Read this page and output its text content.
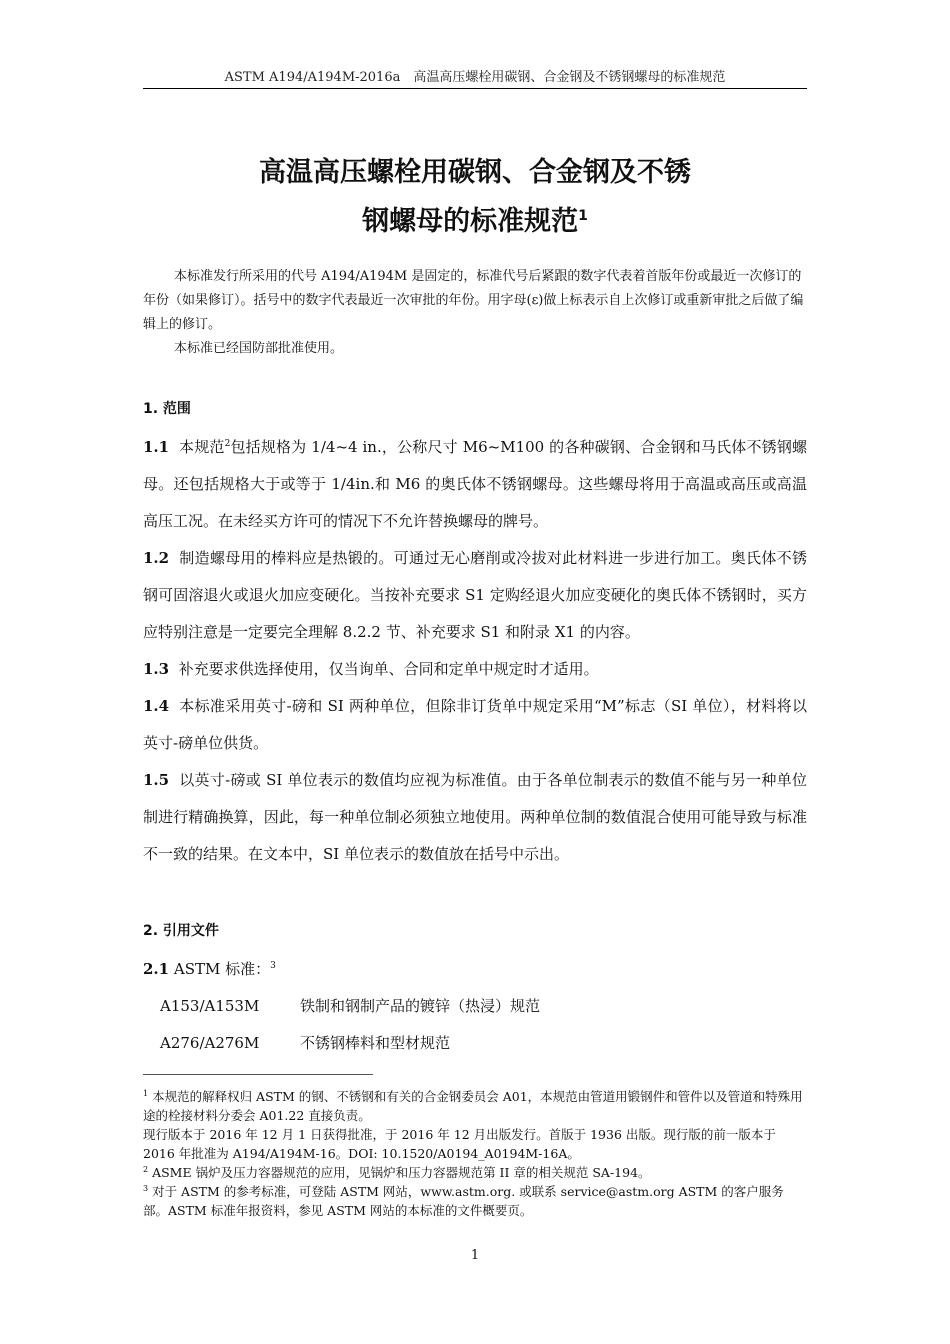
ASTM A194/A194M-2016a　高温高压螺栓用碳钢、合金钢及不锈钢螺母的标准规范
高温高压螺栓用碳钢、合金钢及不锈
钢螺母的标准规范$^1$

本标准发行所采用的代号 A194/A194M 是固定的，标准代号后紧跟的数字代表着首版年份或最近一次修订的年份（如果修订）。括号中的数字代表最近一次审批的年份。用字母(ε)做上标表示自上次修订或重新审批之后做了编辑上的修订。

本标准已经国防部批准使用。

1. 范围
1.1 本规范$^2$包括规格为 1/4~4 in.，公称尺寸 M6~M100 的各种碳钢、合金钢和马氏体不锈钢螺母。还包括规格大于或等于 1/4in.和 M6 的奥氏体不锈钢螺母。这些螺母将用于高温或高压或高温高压工况。在未经买方许可的情况下不允许替换螺母的牌号。
1.2 制造螺母用的棒料应是热锻的。可通过无心磨削或冷拔对此材料进一步进行加工。奥氏体不锈钢可固溶退火或退火加应变硬化。当按补充要求 S1 定购经退火加应变硬化的奥氏体不锈钢时，买方应特别注意是一定要完全理解 8.2.2 节、补充要求 S1 和附录 X1 的内容。
1.3 补充要求供选择使用，仅当询单、合同和定单中规定时才适用。
1.4 本标准采用英寸-磅和 SI 两种单位，但除非订货单中规定采用“M”标志（SI 单位），材料将以英寸-磅单位供货。
1.5 以英寸-磅或 SI 单位表示的数值均应视为标准值。由于各单位制表示的数值不能与另一种单位制进行精确换算，因此，每一种单位制必须独立地使用。两种单位制的数值混合使用可能导致与标准不一致的结果。在文本中，SI 单位表示的数值放在括号中示出。
2. 引用文件
2.1 ASTM 标准：$^3$
A153/A153M	铁制和钢制产品的镀锌（热浸）规范
A276/A276M	不锈钢棒料和型材规范

$^1$ 本规范的解释权归 ASTM 的钢、不锈钢和有关的合金钢委员会 A01，本规范由管道用锻钢件和管件以及管道和特殊用途的栓接材料分委会 A01.22 直接负责。

现行版本于 2016 年 12 月 1 日获得批准，于 2016 年 12 月出版发行。首版于 1936 出版。现行版的前一版本于 2016 年批准为 A194/A194M-16。DOI: 10.1520/A0194_A0194M-16A。

$^2$ ASME 锅炉及压力容器规范的应用，见锅炉和压力容器规范第 II 章的相关规范 SA-194。

$^3$ 对于 ASTM 的参考标准，可登陆 ASTM 网站，www.astm.org. 或联系 service@astm.org ASTM 的客户服务部。ASTM 标准年报资料，参见 ASTM 网站的本标准的文件概要页。

1
